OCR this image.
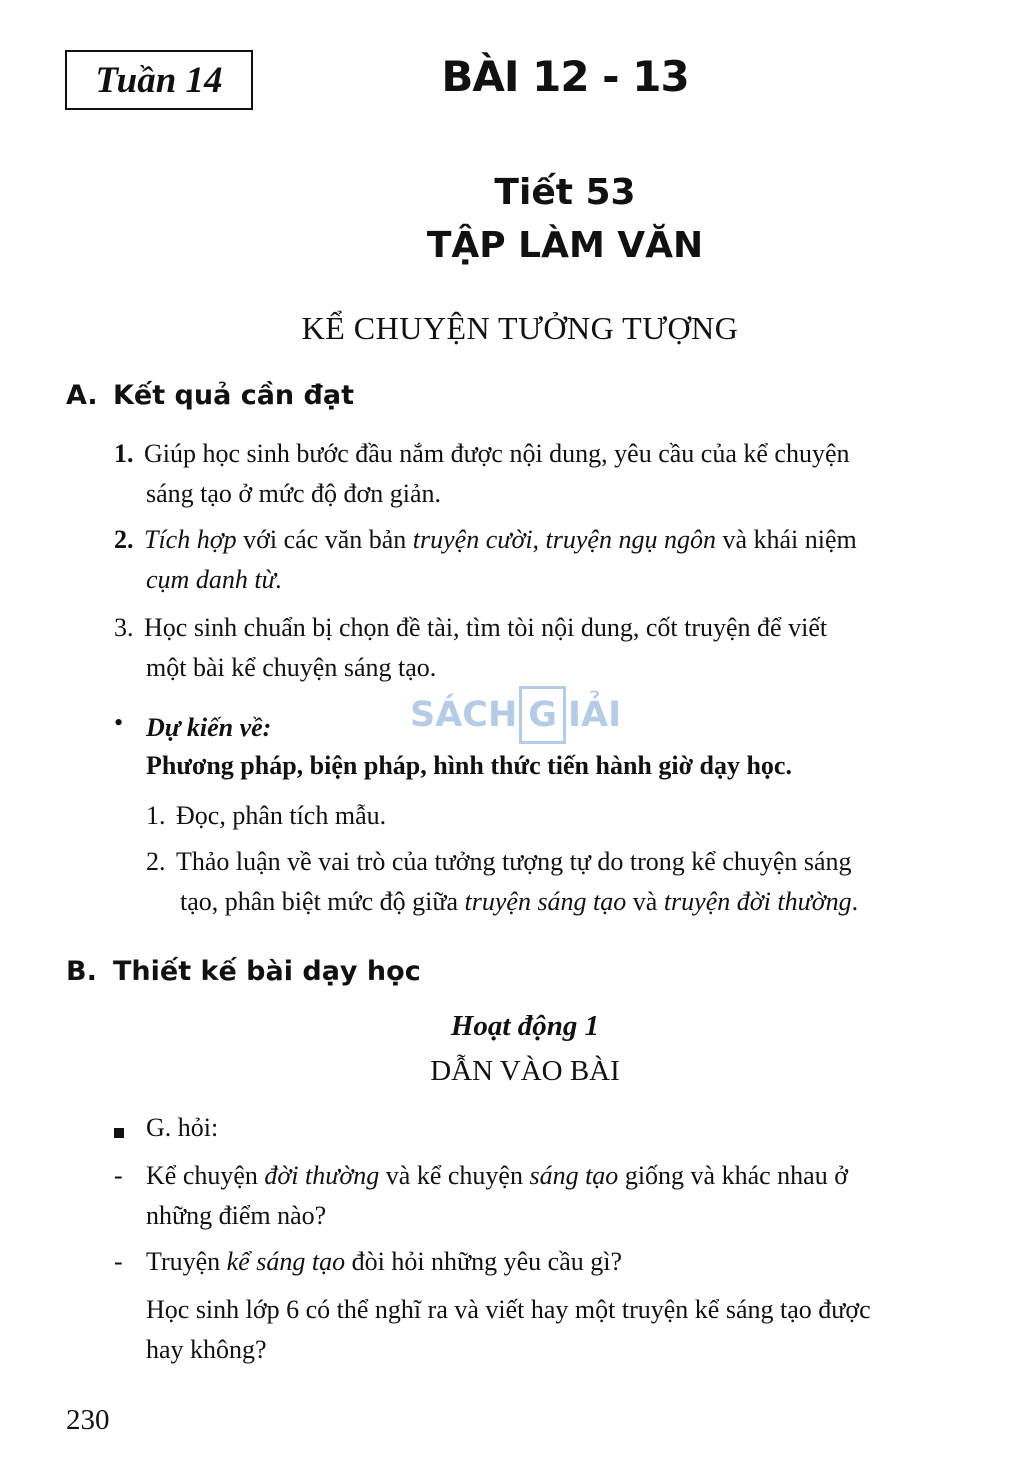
Tuần 14	BÀI 12 - 13
Tiết 53
TẬP LÀM VĂN
KỂ CHUYỆN TƯỞNG TƯỢNG
A. Kết quả cần đạt
1. Giúp học sinh bước đầu nắm được nội dung, yêu cầu của kể chuyện
sáng tạo ở mức độ đơn giản.
2. Tích hợp với các văn bản truyện cười, truyện ngụ ngôn và khái niệm
cụm danh từ.
3. Học sinh chuẩn bị chọn đề tài, tìm tòi nội dung, cốt truyện để viết
một bài kể chuyện sáng tạo.
• Dự kiến về:
Phương pháp, biện pháp, hình thức tiến hành giờ dạy học.
1. Đọc, phân tích mẫu.
2. Thảo luận về vai trò của tưởng tượng tự do trong kể chuyện sáng
tạo, phân biệt mức độ giữa truyện sáng tạo và truyện đời thường.
SÁCH G IẢI
B. Thiết kế bài dạy học
Hoạt động 1
DẪN VÀO BÀI
G. hỏi:
- Kể chuyện đời thường và kể chuyện sáng tạo giống và khác nhau ở
những điểm nào?
- Truyện kể sáng tạo đòi hỏi những yêu cầu gì?
Học sinh lớp 6 có thể nghĩ ra và viết hay một truyện kể sáng tạo được
hay không?
230
